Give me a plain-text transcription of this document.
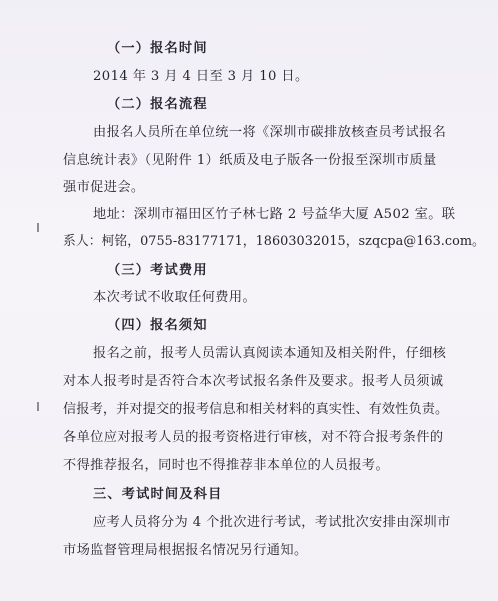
（一）报名时间
2014 年 3 月 4 日至 3 月 10 日。
（二）报名流程
由报名人员所在单位统一将《深圳市碳排放核查员考试报名
信息统计表》（见附件 1）纸质及电子版各一份报至深圳市质量
强市促进会。
地址：深圳市福田区竹子林七路 2 号益华大厦 A502 室。联
系人：柯铭，0755-83177171，18603032015，szqcpa@163.com。
（三）考试费用
本次考试不收取任何费用。
（四）报名须知
报名之前，报考人员需认真阅读本通知及相关附件，仔细核
对本人报考时是否符合本次考试报名条件及要求。报考人员须诚
信报考，并对提交的报考信息和相关材料的真实性、有效性负责。
各单位应对报考人员的报考资格进行审核，对不符合报考条件的
不得推荐报名，同时也不得推荐非本单位的人员报考。
三、考试时间及科目
应考人员将分为 4 个批次进行考试，考试批次安排由深圳市
市场监督管理局根据报名情况另行通知。
